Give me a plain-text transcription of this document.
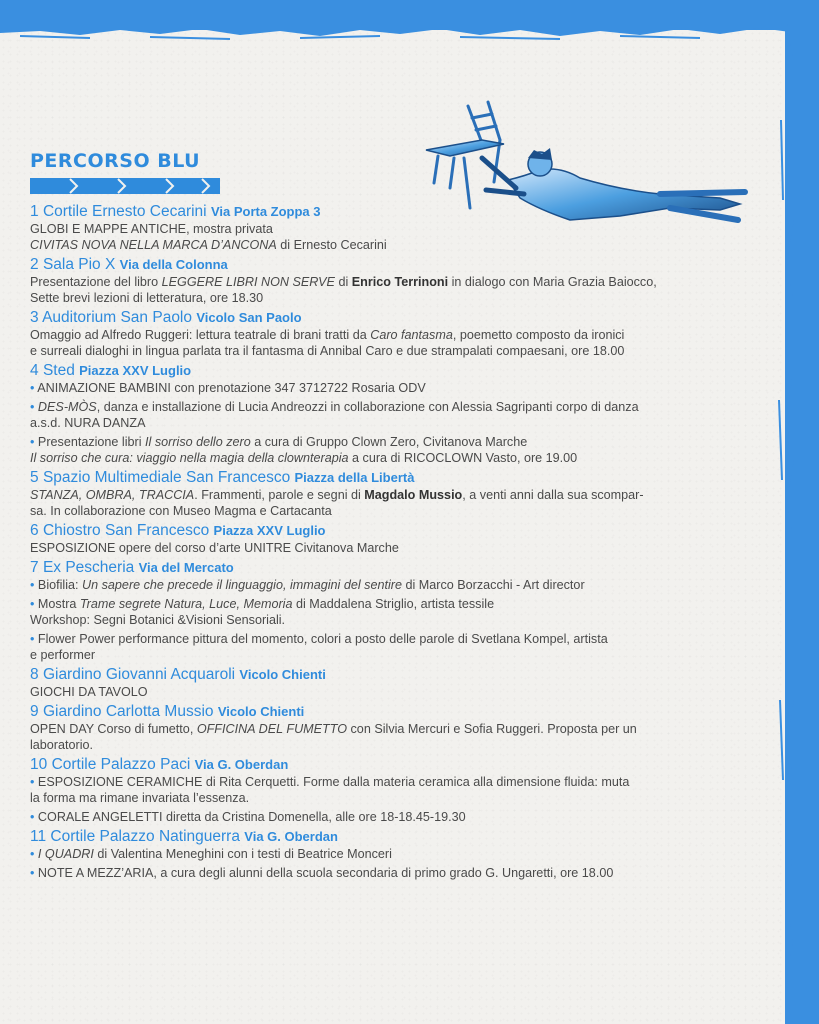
PERCORSO BLU
1 Cortile Ernesto Cecarini Via Porta Zoppa 3
GLOBI E MAPPE ANTICHE, mostra privata
CIVITAS NOVA NELLA MARCA D’ANCONA di Ernesto Cecarini
2 Sala Pio X Via della Colonna
Presentazione del libro LEGGERE LIBRI NON SERVE di Enrico Terrinoni in dialogo con Maria Grazia Baiocco,
Sette brevi lezioni di letteratura, ore 18.30
3 Auditorium San Paolo Vicolo San Paolo
Omaggio ad Alfredo Ruggeri: lettura teatrale di brani tratti da Caro fantasma, poemetto composto da ironici
e surreali dialoghi in lingua parlata tra il fantasma di Annibal Caro e due strampalati compaesani, ore 18.00
4 Sted Piazza XXV Luglio
• ANIMAZIONE BAMBINI con prenotazione 347 3712722 Rosaria ODV
• DES-MÒS, danza e installazione di Lucia Andreozzi in collaborazione con Alessia Sagripanti corpo di danza
a.s.d. NURA DANZA
• Presentazione libri Il sorriso dello zero a cura di Gruppo Clown Zero, Civitanova Marche
Il sorriso che cura: viaggio nella magia della clownterapia a cura di RICOCLOWN Vasto, ore 19.00
5 Spazio Multimediale San Francesco Piazza della Libertà
STANZA, OMBRA, TRACCIA. Frammenti, parole e segni di Magdalo Mussio, a venti anni dalla sua scompar-
sa. In collaborazione con Museo Magma e Cartacanta
6 Chiostro San Francesco Piazza XXV Luglio
ESPOSIZIONE opere del corso d’arte UNITRE Civitanova Marche
7 Ex Pescheria Via del Mercato
• Biofilia: Un sapere che precede il linguaggio, immagini del sentire di Marco Borzacchi - Art director
• Mostra Trame segrete Natura, Luce, Memoria di Maddalena Striglio, artista tessile
Workshop: Segni Botanici &Visioni Sensoriali.
• Flower Power performance pittura del momento, colori a posto delle parole di Svetlana Kompel, artista
e performer
8 Giardino Giovanni Acquaroli Vicolo Chienti
GIOCHI DA TAVOLO
9 Giardino Carlotta Mussio Vicolo Chienti
OPEN DAY Corso di fumetto, OFFICINA DEL FUMETTO con Silvia Mercuri e Sofia Ruggeri. Proposta per un
laboratorio.
10 Cortile Palazzo Paci Via G. Oberdan
• ESPOSIZIONE CERAMICHE di Rita Cerquetti. Forme dalla materia ceramica alla dimensione fluida: muta
la forma ma rimane invariata l’essenza.
• CORALE ANGELETTI diretta da Cristina Domenella, alle ore 18-18.45-19.30
11 Cortile Palazzo Natinguerra Via G. Oberdan
• I QUADRI di Valentina Meneghini con i testi di Beatrice Monceri
• NOTE A MEZZ’ARIA, a cura degli alunni della scuola secondaria di primo grado G. Ungaretti, ore 18.00
